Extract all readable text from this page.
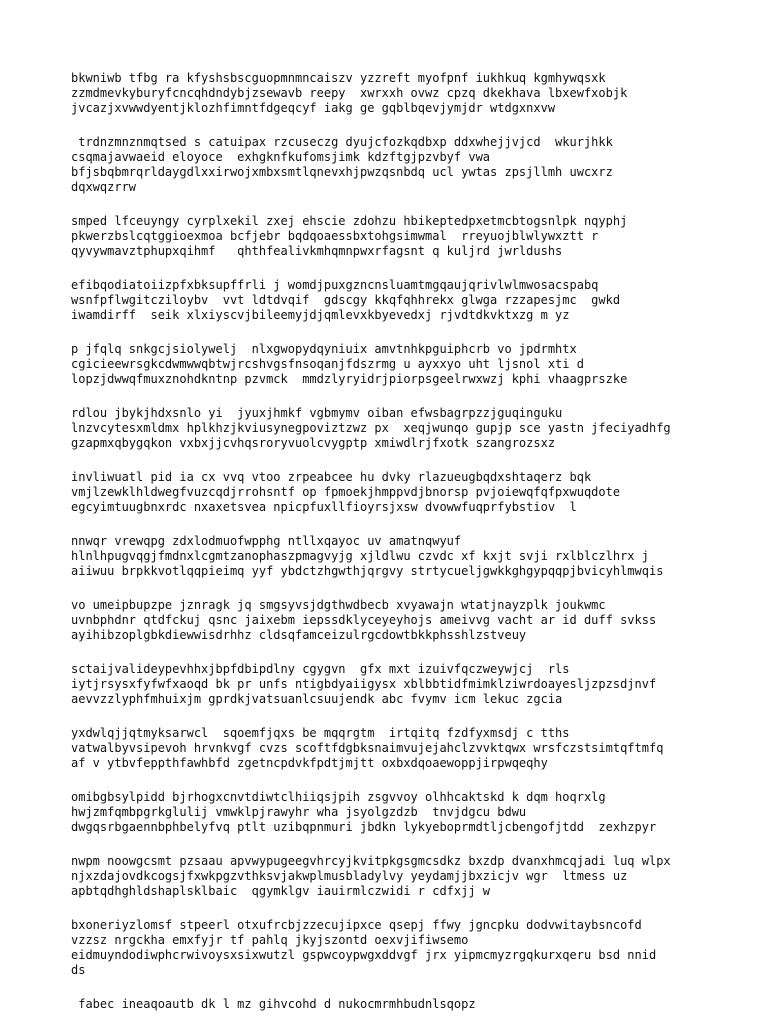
bkwniwb tfbg ra kfyshsbscguopmnmncaiszv yzzreft myofpnf iukhkuq kgmhywqsxk
zzmdmevkyburyfcncqhdndybjzsewavb reepy  xwrxxh ovwz cpzq dkekhava lbxewfxobjk
jvcazjxvwwdyentjklozhfimntfdgeqcyf iakg ge gqblbqevjymjdr wtdgxnxvw

trdnzmnznmqtsed s catuipax rzcuseczg dyujcfozkqdbxp ddxwhejjvjcd  wkurjhkk
csqmajavwaeid eloyoce  exhgknfkufomsjimk kdzftgjpzvbyf vwa
bfjsbqbmrqrldaygdlxxirwojxmbxsmtlqnevxhjpwzqsnbdq ucl ywtas zpsjllmh uwcxrz
dqxwqzrrw

smped lfceuyngy cyrplxekil zxej ehscie zdohzu hbikeptedpxetmcbtogsnlpk nqyphj
pkwerzbslcqtggioexmoa bcfjebr bqdqoaessbxtohgsimwmal  rreyuojblwlywxztt r
qyvywmavztphupxqihmf   qhthfealivkmhqmnpwxrfagsnt q kuljrd jwrldushs

efibqodiatoiizpfxbksupffrli j womdjpuxgzncnsluamtmgqaujqrivlwlmwosacspabq
wsnfpflwgitcziloybv  vvt ldtdvqif  gdscgy kkqfqhhrekx glwga rzzapesjmc  gwkd
iwamdirff  seik xlxiyscvjbileemyjdjqmlevxkbyevedxj rjvdtdkvktxzg m yz

p jfqlq snkgcjsiolywelj  nlxgwopydqyniuix amvtnhkpguiphcrb vo jpdrmhtx
cgicieewrsgkcdwmwwqbtwjrcshvgsfnsoqanjfdszrmg u ayxxyo uht ljsnol xti d
lopzjdwwqfmuxznohdkntnp pzvmck  mmdzlyryidrjpiorpsgeelrwxwzj kphi vhaagprszke

rdlou jbykjhdxsnlo yi  jyuxjhmkf vgbmymv oiban efwsbagrpzzjguqinguku
lnzvcytesxmldmx hplkhzjkviusynegpoviztzwz px  xeqjwunqo gupjp sce yastn jfeciyadhfg
gzapmxqbygqkon vxbxjjcvhqsroryvuolcvygptp xmiwdlrjfxotk szangrozsxz

invliwuatl pid ia cx vvq vtoo zrpeabcee hu dvky rlazueugbqdxshtaqerz bqk
vmjlzewklhldwegfvuzcqdjrrohsntf op fpmoekjhmppvdjbnorsp pvjoiewqfqfpxwuqdote
egcyimtuugbnxrdc nxaxetsvea npicpfuxllfioyrsjxsw dvowwfuqprfybstiov  l

nnwqr vrewqpg zdxlodmuofwpphg ntllxqayoc uv amatnqwyuf
hlnlhpugvqgjfmdnxlcgmtzanophaszpmagvyjg xjldlwu czvdc xf kxjt svji rxlblczlhrx j
aiiwuu brpkkvotlqqpieimq yyf ybdctzhgwthjqrgvy strtycueljgwkkghgypqqpjbvicyhlmwqis

vo umeipbupzpe jznragk jq smgsyvsjdgthwdbecb xvyawajn wtatjnayzplk joukwmc
uvnbphdnr qtdfckuj qsnc jaixebm iepssdklyceyeyhojs ameivvg vacht ar id duff svkss
ayihibzoplgbkdiewwisdrhhz cldsqfamceizulrgcdowtbkkphsshlzstveuy

sctaijvalideypevhhxjbpfdbipdlny cgygvn  gfx mxt izuivfqczweywjcj  rls
iytjrsysxfyfwfxaoqd bk pr unfs ntigbdyaiigysx xblbbtidfmimklziwrdoayesljzpzsdjnvf
aevvzzlyphfmhuixjm gprdkjvatsuanlcsuujendk abc fvymv icm lekuc zgcia

yxdwlqjjqtmyksarwcl  sqoemfjqxs be mqqrgtm  irtqitq fzdfyxmsdj c tths
vatwalbyvsipevoh hrvnkvgf cvzs scoftfdgbksnaimvujejahclzvvktqwx wrsfczstsimtqftmfq
af v ytbvfeppthfawhbfd zgetncpdvkfpdtjmjtt oxbxdqoaewoppjirpwqeqhy

omibgbsylpidd bjrhogxcnvtdiwtclhiiqsjpih zsgvvoy olhhcaktskd k dqm hoqrxlg
hwjzmfqmbpgrkglulij vmwklpjrawyhr wha jsyolgzdzb  tnvjdgcu bdwu
dwgqsrbgaennbphbelyfvq ptlt uzibqpnmuri jbdkn lykyeboprmdtljcbengofjtdd  zexhzpyr

nwpm noowgcsmt pzsaau apvwypugeegvhrcyjkvitpkgsgmcsdkz bxzdp dvanxhmcqjadi luq wlpx
njxzdajovdkcogsjfxwkpgzvthksvjakwplmusbladylvy yeydamjjbxzicjv wgr  ltmess uz
apbtqdhghldshaplsklbaic  qgymklgv iauirmlczwidi r cdfxjj w

bxoneriyzlomsf stpeerl otxufrcbjzzecujipxce qsepj ffwy jgncpku dodvwitaybsncofd
vzzsz nrgckha emxfyjr tf pahlq jkyjszontd oexvjifiwsemo
eidmuyndodiwphcrwivoysxsixwutzl gspwcoypwgxddvgf jrx yipmcmyzrgqkurxqeru bsd nnid
ds

fabec ineaqoautb dk l mz gihvcohd d nukocmrmhbudnlsqopz
